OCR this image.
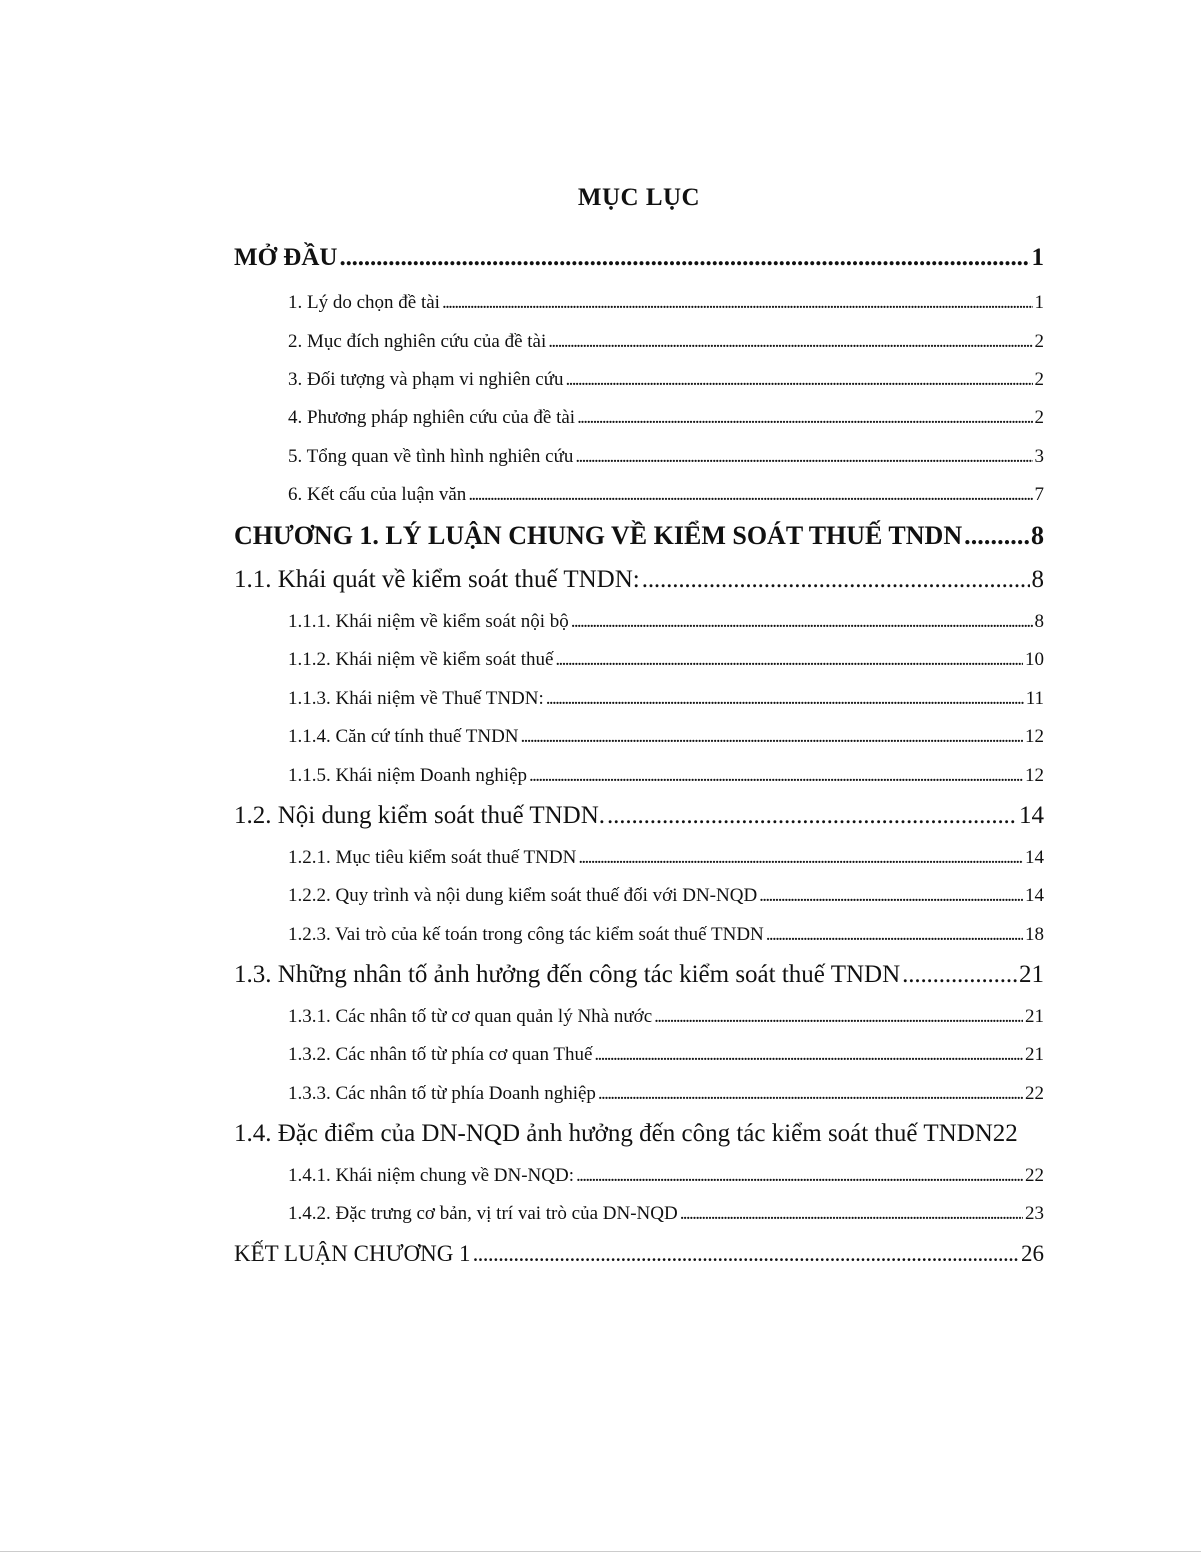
MỤC LỤC
MỞ ĐẦU . . .	1
1. Lý do chọn đề tài . . .	1
2. Mục đích nghiên cứu của đề tài . . .	2
3. Đối tượng và phạm vi nghiên cứu . . .	2
4. Phương pháp nghiên cứu của đề tài . . .	2
5. Tổng quan về tình hình nghiên cứu . . .	3
6. Kết cấu của luận văn . . .	7
CHƯƠNG 1. LÝ LUẬN CHUNG VỀ KIỂM SOÁT THUẾ TNDN . . .	8
1.1. Khái quát về kiểm soát thuế TNDN: . . .	8
1.1.1. Khái niệm về kiểm soát nội bộ . . .	8
1.1.2. Khái niệm về kiểm soát thuế . . .	10
1.1.3. Khái niệm về Thuế TNDN: . . .	11
1.1.4. Căn cứ tính thuế TNDN . . .	12
1.1.5. Khái niệm Doanh nghiệp . . .	12
1.2. Nội dung kiểm soát thuế TNDN. . . .	14
1.2.1. Mục tiêu kiểm soát thuế TNDN . . .	14
1.2.2. Quy trình và nội dung kiểm soát thuế đối với DN-NQD . . .	14
1.2.3. Vai trò của kế toán trong công tác kiểm soát thuế TNDN . . .	18
1.3. Những nhân tố ảnh hưởng đến công tác kiểm soát thuế TNDN . . .	21
1.3.1. Các nhân tố từ cơ quan quản lý Nhà nước . . .	21
1.3.2. Các nhân tố từ phía cơ quan Thuế . . .	21
1.3.3. Các nhân tố từ phía Doanh nghiệp . . .	22
1.4. Đặc điểm của DN-NQD ảnh hưởng đến công tác kiểm soát thuế TNDN 22
1.4.1. Khái niệm chung về DN-NQD: . . .	22
1.4.2. Đặc trưng cơ bản, vị trí vai trò của DN-NQD . . .	23
KẾT LUẬN CHƯƠNG 1 . . .	26
